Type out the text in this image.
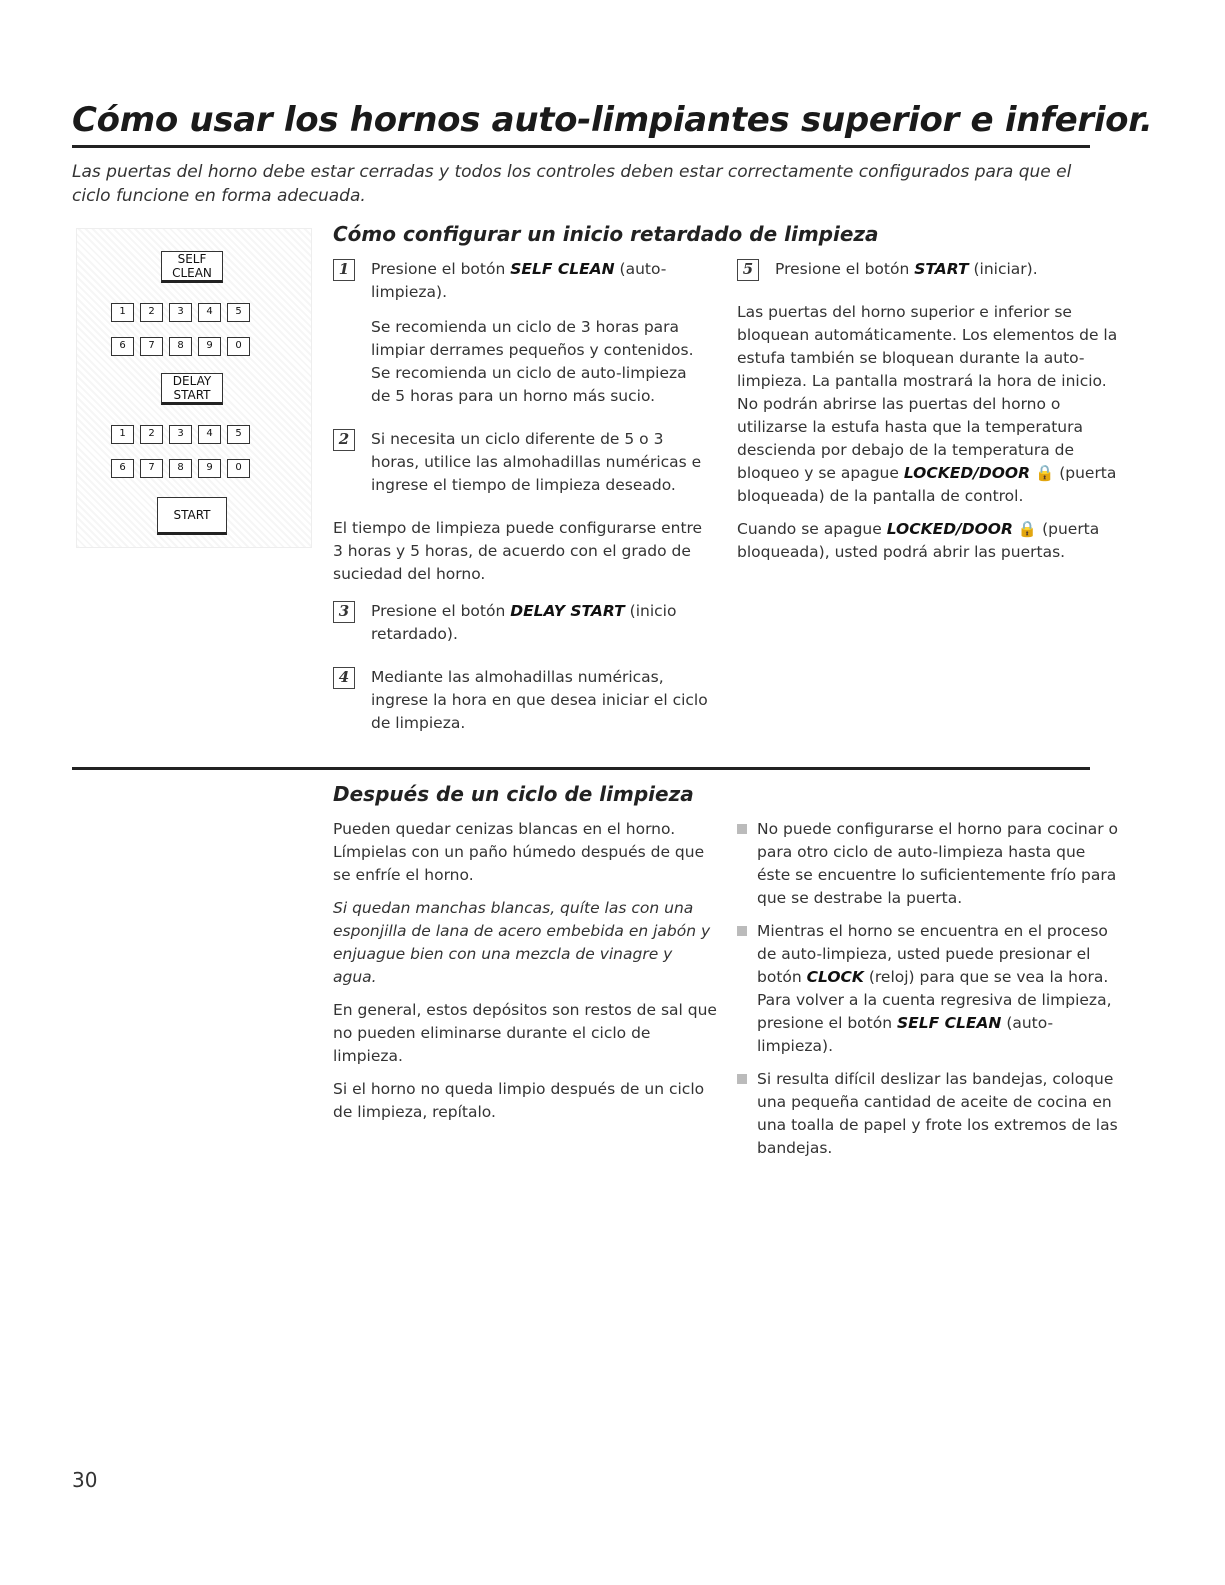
Cómo usar los hornos auto-limpiantes superior e inferior.

Las puertas del horno debe estar cerradas y todos los controles deben estar correctamente configurados para que el ciclo funcione en forma adecuada.

SELF
CLEAN
1	2	3	4	5
6	7	8	9	0
DELAY
START
1	2	3	4	5
6	7	8	9	0
START
Cómo configurar un inicio retardado de limpieza
1	Presione el botón SELF CLEAN (auto-limpieza).

Se recomienda un ciclo de 3 horas para limpiar derrames pequeños y contenidos. Se recomienda un ciclo de auto-limpieza de 5 horas para un horno más sucio.

2	Si necesita un ciclo diferente de 5 o 3 horas, utilice las almohadillas numéricas e ingrese el tiempo de limpieza deseado.

El tiempo de limpieza puede configurarse entre 3 horas y 5 horas, de acuerdo con el grado de suciedad del horno.

3	Presione el botón DELAY START (inicio retardado).

4	Mediante las almohadillas numéricas, ingrese la hora en que desea iniciar el ciclo de limpieza.

5	Presione el botón START (iniciar).

Las puertas del horno superior e inferior se bloquean automáticamente. Los elementos de la estufa también se bloquean durante la auto-limpieza. La pantalla mostrará la hora de inicio. No podrán abrirse las puertas del horno o utilizarse la estufa hasta que la temperatura descienda por debajo de la temperatura de bloqueo y se apague LOCKED/DOOR 🔒 (puerta bloqueada) de la pantalla de control.

Cuando se apague LOCKED/DOOR 🔒 (puerta bloqueada), usted podrá abrir las puertas.

Después de un ciclo de limpieza

Pueden quedar cenizas blancas en el horno. Límpielas con un paño húmedo después de que se enfríe el horno.

Si quedan manchas blancas, quíte las con una esponjilla de lana de acero embebida en jabón y enjuague bien con una mezcla de vinagre y agua.

En general, estos depósitos son restos de sal que no pueden eliminarse durante el ciclo de limpieza.

Si el horno no queda limpio después de un ciclo de limpieza, repítalo.

No puede configurarse el horno para cocinar o para otro ciclo de auto-limpieza hasta que éste se encuentre lo suficientemente frío para que se destrabe la puerta.
Mientras el horno se encuentra en el proceso de auto-limpieza, usted puede presionar el botón CLOCK (reloj) para que se vea la hora. Para volver a la cuenta regresiva de limpieza, presione el botón SELF CLEAN (auto-limpieza).
Si resulta difícil deslizar las bandejas, coloque una pequeña cantidad de aceite de cocina en una toalla de papel y frote los extremos de las bandejas.
30
